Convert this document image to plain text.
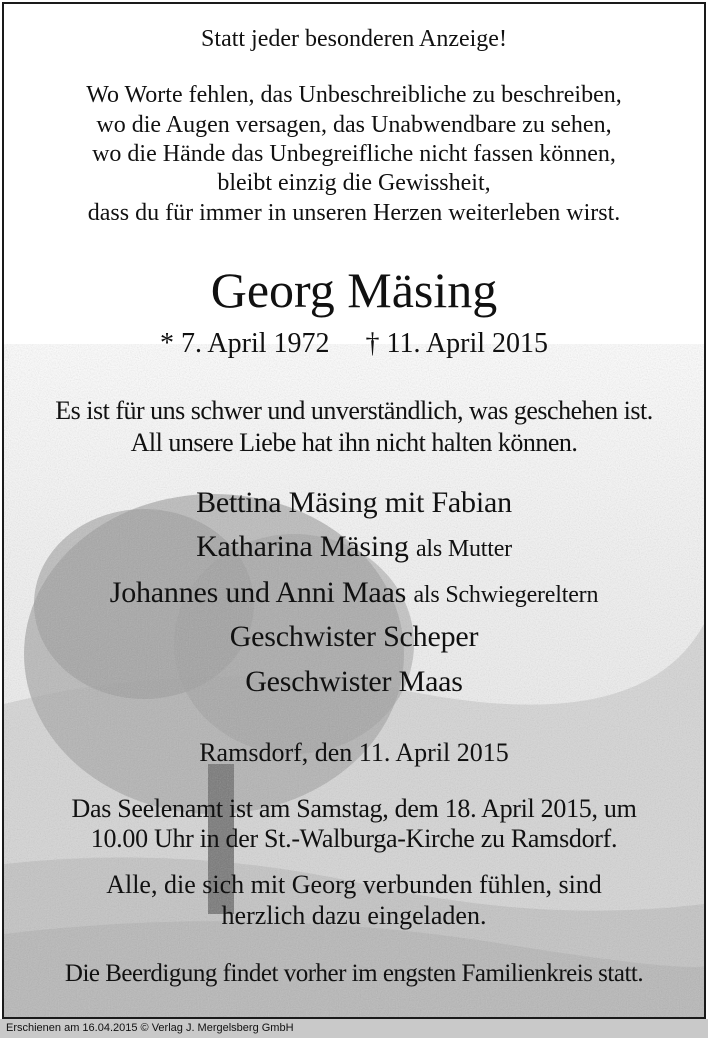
Statt jeder besonderen Anzeige!
Wo Worte fehlen, das Unbeschreibliche zu beschreiben,
wo die Augen versagen, das Unabwendbare zu sehen,
wo die Hände das Unbegreifliche nicht fassen können,
bleibt einzig die Gewissheit,
dass du für immer in unseren Herzen weiterleben wirst.
Georg Mäsing
* 7. April 1972 † 11. April 2015
Es ist für uns schwer und unverständlich, was geschehen ist.
All unsere Liebe hat ihn nicht halten können.
Bettina Mäsing mit Fabian
Katharina Mäsing als Mutter
Johannes und Anni Maas als Schwiegereltern
Geschwister Scheper
Geschwister Maas
Ramsdorf, den 11. April 2015
Das Seelenamt ist am Samstag, dem 18. April 2015, um
10.00 Uhr in der St.-Walburga-Kirche zu Ramsdorf.
Alle, die sich mit Georg verbunden fühlen, sind
herzlich dazu eingeladen.
Die Beerdigung findet vorher im engsten Familienkreis statt.
Erschienen am 16.04.2015 © Verlag J. Mergelsberg GmbH
